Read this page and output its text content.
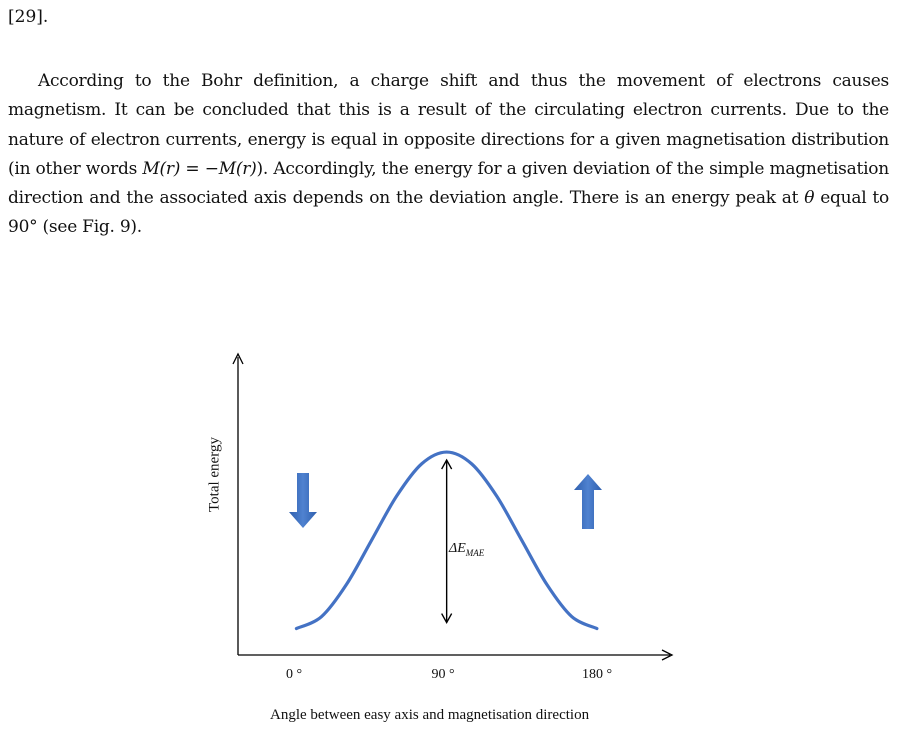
[29].

According to the Bohr definition, a charge shift and thus the movement of electrons causes magnetism. It can be concluded that this is a result of the circulating electron currents. Due to the nature of electron currents, energy is equal in opposite directions for a given magnetisation distribution (in other words M(r) = −M(r)). Accordingly, the energy for a given deviation of the simple magnetisation direction and the associated axis depends on the deviation angle. There is an energy peak at θ equal to 90° (see Fig. 9).

Total energy
0 °	90 °	180 °
Angle between easy axis and magnetisation direction
$\Delta E_{MAE}$
